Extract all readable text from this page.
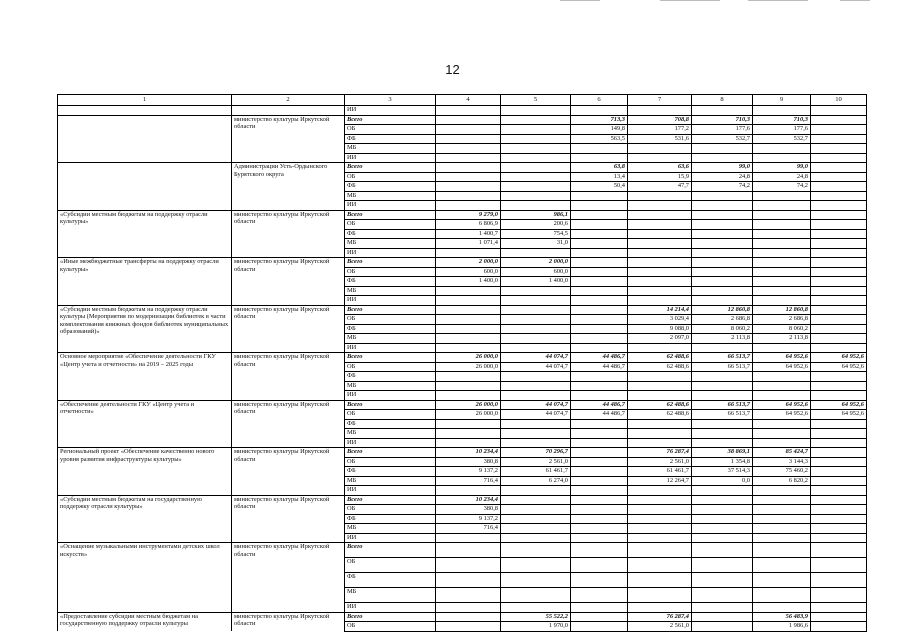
12
1	2	3	4	5	6	7	8	9	10
		ИИ							
	министерство культуры Иркутской области	Всего			713,3	708,8	710,3	710,3	
		ОБ			149,8	177,2	177,6	177,6	
		ФБ			563,5	531,6	532,7	532,7	
		МБ							
		ИИ							
	Администрации Усть-Ордынского Бурятского округа	Всего			63,8	63,6	99,0	99,0	
		ОБ			13,4	15,9	24,8	24,8	
		ФБ			50,4	47,7	74,2	74,2	
		МБ							
		ИИ							
«Субсидии местным бюджетам на поддержку отрасли культуры»	министерство культуры Иркутской области	Всего	9 279,0	986,1					
		ОБ	6 806,9	200,6					
		ФБ	1 400,7	754,5					
		МБ	1 071,4	31,0					
		ИИ							
«Иные межбюджетные трансферты на поддержку отрасли культуры»	министерство культуры Иркутской области	Всего	2 000,0	2 000,0					
		ОБ	600,0	600,0					
		ФБ	1 400,0	1 400,0					
		МБ							
		ИИ							
«Субсидии местным бюджетам на поддержку отрасли культуры (Мероприятия по модернизации библиотек в части комплектования книжных фондов библиотек муниципальных образований)»	министерство культуры Иркутской области	Всего				14 214,4	12 860,8	12 860,8	
		ОБ				3 029,4	2 686,8	2 686,8	
		ФБ				9 088,0	8 060,2	8 060,2	
		МБ				2 097,0	2 113,8	2 113,8	
		ИИ							
Основное мероприятие «Обеспечение деятельности ГКУ «Центр учета и отчетности» на 2019 – 2025 годы	министерство культуры Иркутской области	Всего	26 000,0	44 074,7	44 486,7	62 488,6	66 513,7	64 952,6	64 952,6
		ОБ	26 000,0	44 074,7	44 486,7	62 488,6	66 513,7	64 952,6	64 952,6
		ФБ							
		МБ							
		ИИ							
«Обеспечение деятельности ГКУ «Центр учета и отчетности»	министерство культуры Иркутской области	Всего	26 000,0	44 074,7	44 486,7	62 488,6	66 513,7	64 952,6	64 952,6
		ОБ	26 000,0	44 074,7	44 486,7	62 488,6	66 513,7	64 952,6	64 952,6
		ФБ							
		МБ							
		ИИ							
Региональный проект «Обеспечение качественно нового уровня развития инфраструктуры культуры»	министерство культуры Иркутской области	Всего	10 234,4	70 296,7		76 287,4	38 869,1	85 424,7	
		ОБ	380,8	2 561,0		2 561,0	1 354,8	3 144,3	
		ФБ	9 137,2	61 461,7		61 461,7	37 514,3	75 460,2	
		МБ	716,4	6 274,0		12 264,7	0,0	6 820,2	
		ИИ							
«Субсидии местным бюджетам на государственную поддержку отрасли культуры»	министерство культуры Иркутской области	Всего	10 234,4						
		ОБ	380,8						
		ФБ	9 137,2						
		МБ	716,4						
		ИИ							
«Оснащение музыкальными инструментами детских школ искусств»	министерство культуры Иркутской области	Всего							
		ОБ							
		ФБ							
		МБ							
		ИИ							
«Предоставление субсидии местным бюджетам на государственную поддержку отрасли культуры	министерство культуры Иркутской области	Всего		55 522,2		76 287,4		56 483,9	
		ОБ		1 970,0		2 561,0		1 986,6	
